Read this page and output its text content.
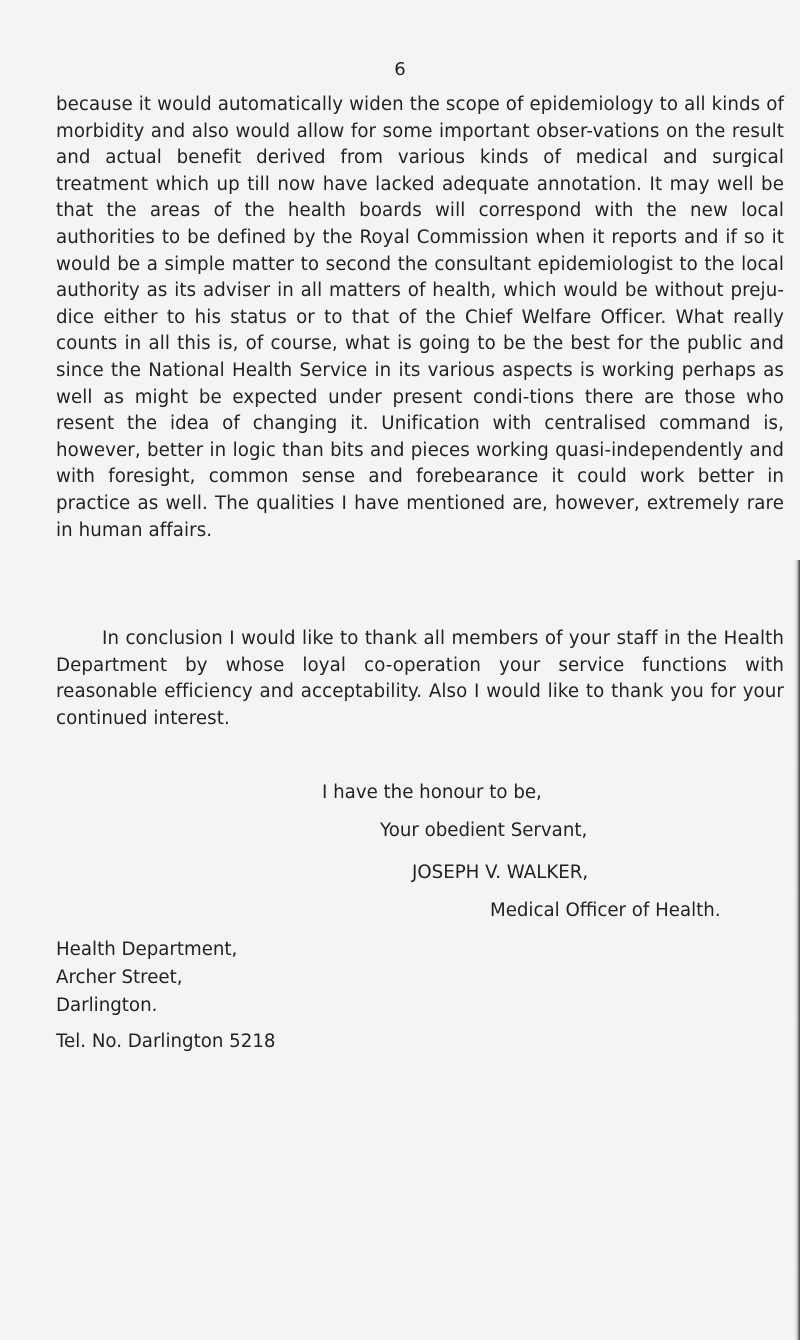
6

because it would automatically widen the scope of epidemiology to all kinds of morbidity and also would allow for some important obser-vations on the result and actual benefit derived from various kinds of medical and surgical treatment which up till now have lacked adequate annotation. It may well be that the areas of the health boards will correspond with the new local authorities to be defined by the Royal Commission when it reports and if so it would be a simple matter to second the consultant epidemiologist to the local authority as its adviser in all matters of health, which would be without preju-dice either to his status or to that of the Chief Welfare Officer. What really counts in all this is, of course, what is going to be the best for the public and since the National Health Service in its various aspects is working perhaps as well as might be expected under present condi-tions there are those who resent the idea of changing it. Unification with centralised command is, however, better in logic than bits and pieces working quasi-independently and with foresight, common sense and forebearance it could work better in practice as well. The qualities I have mentioned are, however, extremely rare in human affairs.

In conclusion I would like to thank all members of your staff in the Health Department by whose loyal co-operation your service functions with reasonable efficiency and acceptability. Also I would like to thank you for your continued interest.

I have the honour to be,
Your obedient Servant,
JOSEPH V. WALKER,
Medical Officer of Health.
Health Department,
Archer Street,
Darlington.
Tel. No. Darlington 5218
